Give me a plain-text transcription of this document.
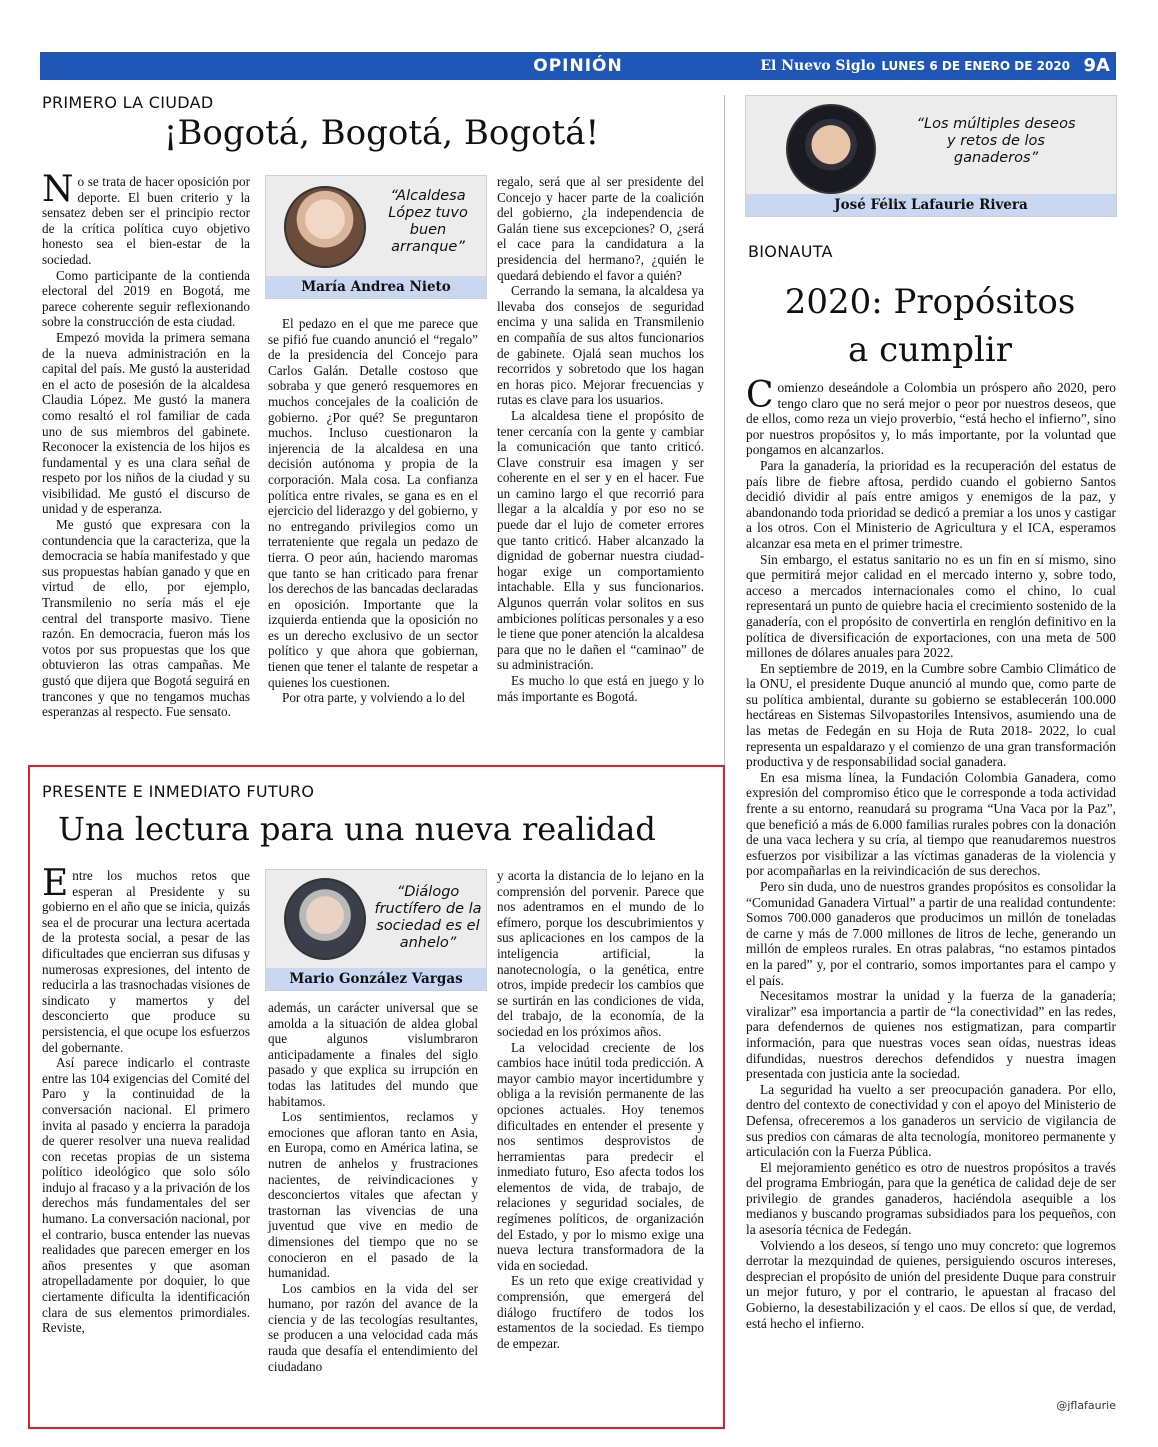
OPINIÓN	El Nuevo Siglo LUNES 6 DE ENERO DE 2020 9A
PRIMERO LA CIUDAD
¡Bogotá, Bogotá, Bogotá!

No se trata de hacer oposición por deporte. El buen criterio y la sensatez deben ser el principio rector de la crítica política cuyo objetivo honesto sea el bien-estar de la sociedad.

Como participante de la contienda electoral del 2019 en Bogotá, me parece coherente seguir reflexionando sobre la construcción de esta ciudad.

Empezó movida la primera semana de la nueva administración en la capital del país. Me gustó la austeridad en el acto de posesión de la alcaldesa Claudia López. Me gustó la manera como resaltó el rol familiar de cada uno de sus miembros del gabinete. Reconocer la existencia de los hijos es fundamental y es una clara señal de respeto por los niños de la ciudad y su visibilidad. Me gustó el discurso de unidad y de esperanza.

Me gustó que expresara con la contundencia que la caracteriza, que la democracia se había manifestado y que sus propuestas habían ganado y que en virtud de ello, por ejemplo, Transmilenio no sería más el eje central del transporte masivo. Tiene razón. En democracia, fueron más los votos por sus propuestas que los que obtuvieron las otras campañas. Me gustó que dijera que Bogotá seguirá en trancones y que no tengamos muchas esperanzas al respecto. Fue sensato.

“Alcaldesa López tuvo buen arranque”
María Andrea Nieto

El pedazo en el que me parece que se pifió fue cuando anunció el “regalo” de la presidencia del Concejo para Carlos Galán. Detalle costoso que sobraba y que generó resquemores en muchos concejales de la coalición de gobierno. ¿Por qué? Se preguntaron muchos. Incluso cuestionaron la injerencia de la alcaldesa en una decisión autónoma y propia de la corporación. Mala cosa. La confianza política entre rivales, se gana es en el ejercicio del liderazgo y del gobierno, y no entregando privilegios como un terrateniente que regala un pedazo de tierra. O peor aún, haciendo maromas que tanto se han criticado para frenar los derechos de las bancadas declaradas en oposición. Importante que la izquierda entienda que la oposición no es un derecho exclusivo de un sector político y que ahora que gobiernan, tienen que tener el talante de respetar a quienes los cuestionen.

Por otra parte, y volviendo a lo del

regalo, será que al ser presidente del Concejo y hacer parte de la coalición del gobierno, ¿la independencia de Galán tiene sus excepciones? O, ¿será el cace para la candidatura a la presidencia del hermano?, ¿quién le quedará debiendo el favor a quién?

Cerrando la semana, la alcaldesa ya llevaba dos consejos de seguridad encima y una salida en Transmilenio en compañía de sus altos funcionarios de gabinete. Ojalá sean muchos los recorridos y sobretodo que los hagan en horas pico. Mejorar frecuencias y rutas es clave para los usuarios.

La alcaldesa tiene el propósito de tener cercanía con la gente y cambiar la comunicación que tanto criticó. Clave construir esa imagen y ser coherente en el ser y en el hacer. Fue un camino largo el que recorrió para llegar a la alcaldía y por eso no se puede dar el lujo de cometer errores que tanto criticó. Haber alcanzado la dignidad de gobernar nuestra ciudad-hogar exige un comportamiento intachable. Ella y sus funcionarios. Algunos querrán volar solitos en sus ambiciones políticas personales y a eso le tiene que poner atención la alcaldesa para que no le dañen el “caminao” de su administración.

Es mucho lo que está en juego y lo más importante es Bogotá.

PRESENTE E INMEDIATO FUTURO
Una lectura para una nueva realidad

Entre los muchos retos que esperan al Presidente y su gobierno en el año que se inicia, quizás sea el de procurar una lectura acertada de la protesta social, a pesar de las dificultades que encierran sus difusas y numerosas expresiones, del intento de reducirla a las trasnochadas visiones de sindicato y mamertos y del desconcierto que produce su persistencia, el que ocupe los esfuerzos del gobernante.

Así parece indicarlo el contraste entre las 104 exigencias del Comité del Paro y la continuidad de la conversación nacional. El primero invita al pasado y encierra la paradoja de querer resolver una nueva realidad con recetas propias de un sistema político ideológico que solo sólo indujo al fracaso y a la privación de los derechos más fundamentales del ser humano. La conversación nacional, por el contrario, busca entender las nuevas realidades que parecen emerger en los años presentes y que asoman atropelladamente por doquier, lo que ciertamente dificulta la identificación clara de sus elementos primordiales. Reviste,

“Diálogo fructífero de la sociedad es el anhelo”
Mario González Vargas

además, un carácter universal que se amolda a la situación de aldea global que algunos vislumbraron anticipadamente a finales del siglo pasado y que explica su irrupción en todas las latitudes del mundo que habitamos.

Los sentimientos, reclamos y emociones que afloran tanto en Asia, en Europa, como en América latina, se nutren de anhelos y frustraciones nacientes, de reivindicaciones y desconciertos vitales que afectan y trastornan las vivencias de una juventud que vive en medio de dimensiones del tiempo que no se conocieron en el pasado de la humanidad.

Los cambios en la vida del ser humano, por razón del avance de la ciencia y de las tecologías resultantes, se producen a una velocidad cada más rauda que desafía el entendimiento del ciudadano

y acorta la distancia de lo lejano en la comprensión del porvenir. Parece que nos adentramos en el mundo de lo efímero, porque los descubrimientos y sus aplicaciones en los campos de la inteligencia artificial, la nanotecnología, o la genética, entre otros, impide predecir los cambios que se surtirán en las condiciones de vida, del trabajo, de la economía, de la sociedad en los próximos años.

La velocidad creciente de los cambios hace inútil toda predicción. A mayor cambio mayor incertidumbre y obliga a la revisión permanente de las opciones actuales. Hoy tenemos dificultades en entender el presente y nos sentimos desprovistos de herramientas para predecir el inmediato futuro, Eso afecta todos los elementos de vida, de trabajo, de relaciones y seguridad sociales, de regímenes políticos, de organización del Estado, y por lo mismo exige una nueva lectura transformadora de la vida en sociedad.

Es un reto que exige creatividad y comprensión, que emergerá del diálogo fructífero de todos los estamentos de la sociedad. Es tiempo de empezar.

“Los múltiples deseos y retos de los ganaderos”
José Félix Lafaurie Rivera
BIONAUTA
2020: Propósitos
a cumplir

Comienzo deseándole a Colombia un próspero año 2020, pero tengo claro que no será mejor o peor por nuestros deseos, que de ellos, como reza un viejo proverbio, “está hecho el infierno”, sino por nuestros propósitos y, lo más importante, por la voluntad que pongamos en alcanzarlos.

Para la ganadería, la prioridad es la recuperación del estatus de país libre de fiebre aftosa, perdido cuando el gobierno Santos decidió dividir al país entre amigos y enemigos de la paz, y abandonando toda prioridad se dedicó a premiar a los unos y castigar a los otros. Con el Ministerio de Agricultura y el ICA, esperamos alcanzar esa meta en el primer trimestre.

Sin embargo, el estatus sanitario no es un fin en sí mismo, sino que permitirá mejor calidad en el mercado interno y, sobre todo, acceso a mercados internacionales como el chino, lo cual representará un punto de quiebre hacia el crecimiento sostenido de la ganadería, con el propósito de convertirla en renglón definitivo en la política de diversificación de exportaciones, con una meta de 500 millones de dólares anuales para 2022.

En septiembre de 2019, en la Cumbre sobre Cambio Climático de la ONU, el presidente Duque anunció al mundo que, como parte de su política ambiental, durante su gobierno se establecerán 100.000 hectáreas en Sistemas Silvopastoriles Intensivos, asumiendo una de las metas de Fedegán en su Hoja de Ruta 2018- 2022, lo cual representa un espaldarazo y el comienzo de una gran transformación productiva y de responsabilidad social ganadera.

En esa misma línea, la Fundación Colombia Ganadera, como expresión del compromiso ético que le corresponde a toda actividad frente a su entorno, reanudará su programa “Una Vaca por la Paz”, que benefició a más de 6.000 familias rurales pobres con la donación de una vaca lechera y su cría, al tiempo que reanudaremos nuestros esfuerzos por visibilizar a las víctimas ganaderas de la violencia y por acompañarlas en la reivindicación de sus derechos.

Pero sin duda, uno de nuestros grandes propósitos es consolidar la “Comunidad Ganadera Virtual” a partir de una realidad contundente: Somos 700.000 ganaderos que producimos un millón de toneladas de carne y más de 7.000 millones de litros de leche, generando un millón de empleos rurales. En otras palabras, “no estamos pintados en la pared” y, por el contrario, somos importantes para el campo y el país.

Necesitamos mostrar la unidad y la fuerza de la ganadería; viralizar” esa importancia a partir de “la conectividad” en las redes, para defendernos de quienes nos estigmatizan, para compartir información, para que nuestras voces sean oídas, nuestras ideas difundidas, nuestros derechos defendidos y nuestra imagen presentada con justicia ante la sociedad.

La seguridad ha vuelto a ser preocupación ganadera. Por ello, dentro del contexto de conectividad y con el apoyo del Ministerio de Defensa, ofreceremos a los ganaderos un servicio de vigilancia de sus predios con cámaras de alta tecnología, monitoreo permanente y articulación con la Fuerza Pública.

El mejoramiento genético es otro de nuestros propósitos a través del programa Embriogán, para que la genética de calidad deje de ser privilegio de grandes ganaderos, haciéndola asequible a los medianos y buscando programas subsidiados para los pequeños, con la asesoría técnica de Fedegán.

Volviendo a los deseos, sí tengo uno muy concreto: que logremos derrotar la mezquindad de quienes, persiguiendo oscuros intereses, desprecian el propósito de unión del presidente Duque para construir un mejor futuro, y por el contrario, le apuestan al fracaso del Gobierno, la desestabilización y el caos. De ellos sí que, de verdad, está hecho el infierno.

@jflafaurie
